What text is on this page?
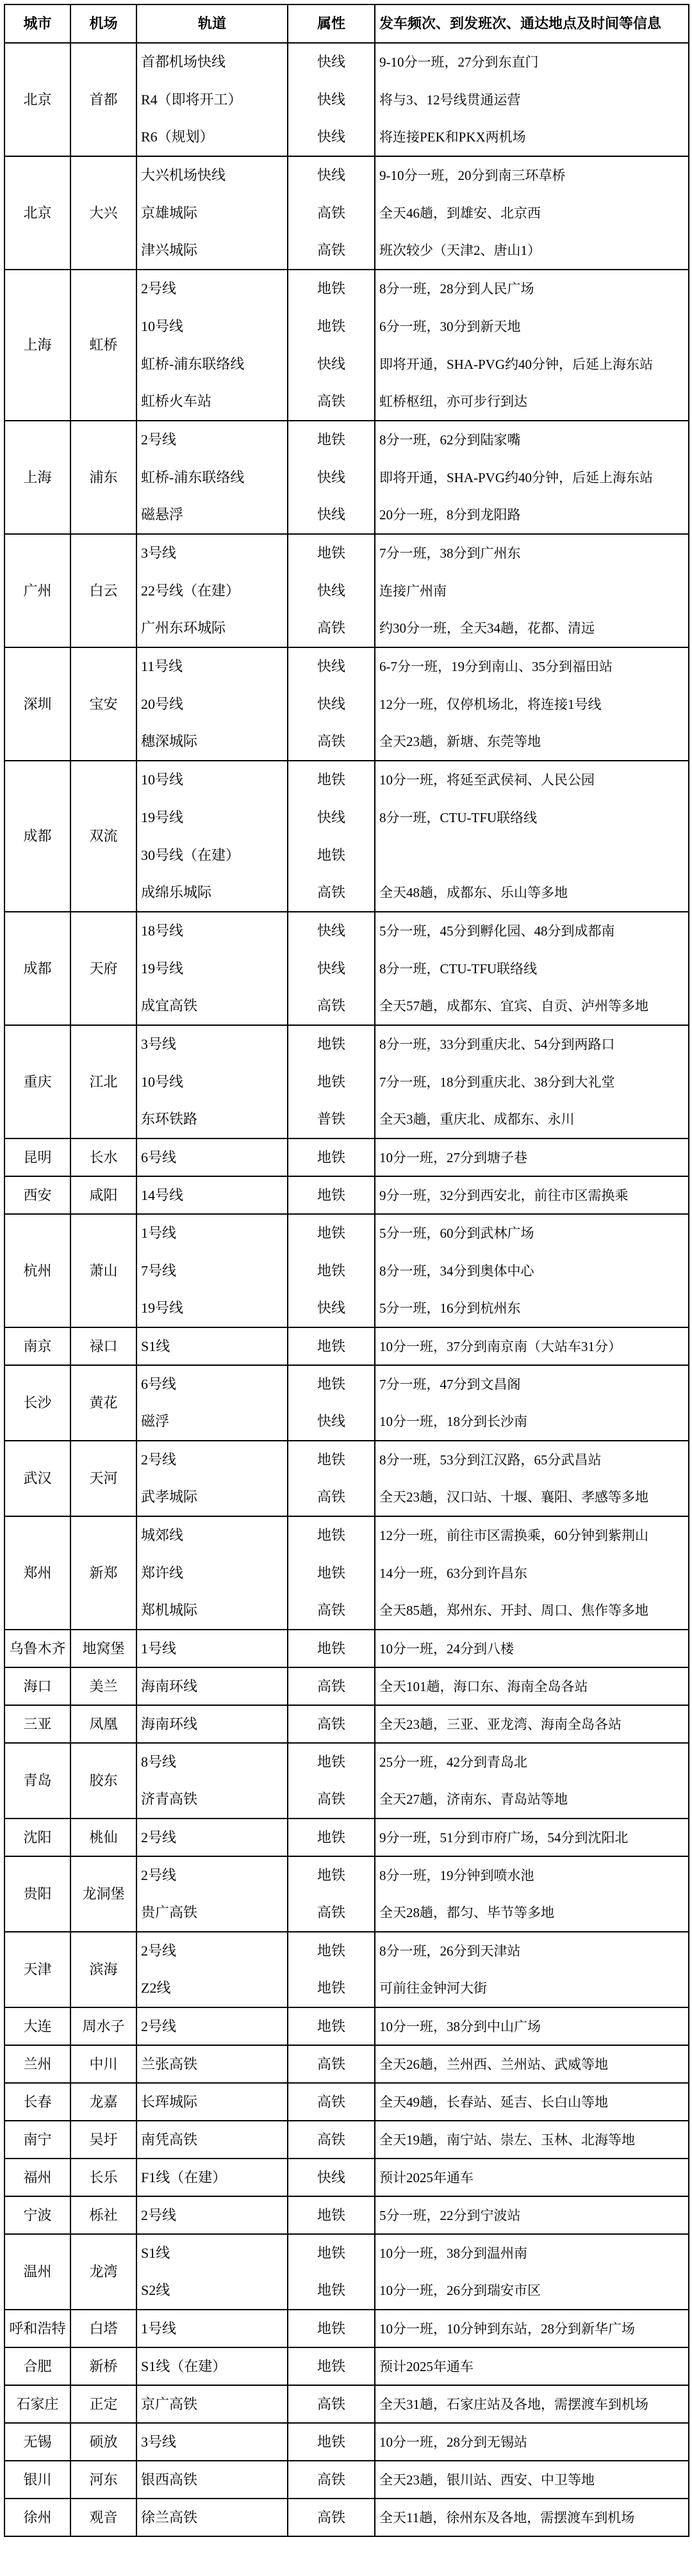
城市	机场	轨道	属性	发车频次、到发班次、通达地点及时间等信息
北京	首都	首都机场快线	快线	9-10分一班，27分到东直门
		R4（即将开工）	快线	将与3、12号线贯通运营
		R6（规划）	快线	将连接PEK和PKX两机场
北京	大兴	大兴机场快线	快线	9-10分一班，20分到南三环草桥
		京雄城际	高铁	全天46趟，到雄安、北京西
		津兴城际	高铁	班次较少（天津2、唐山1）
上海	虹桥	2号线	地铁	8分一班，28分到人民广场
		10号线	地铁	6分一班，30分到新天地
		虹桥-浦东联络线	快线	即将开通，SHA-PVG约40分钟，后延上海东站
		虹桥火车站	高铁	虹桥枢纽，亦可步行到达
上海	浦东	2号线	地铁	8分一班，62分到陆家嘴
		虹桥-浦东联络线	快线	即将开通，SHA-PVG约40分钟，后延上海东站
		磁悬浮	快线	20分一班，8分到龙阳路
广州	白云	3号线	地铁	7分一班，38分到广州东
		22号线（在建）	快线	连接广州南
		广州东环城际	高铁	约30分一班，全天34趟，花都、清远
深圳	宝安	11号线	快线	6-7分一班，19分到南山、35分到福田站
		20号线	快线	12分一班，仅停机场北，将连接1号线
		穗深城际	高铁	全天23趟，新塘、东莞等地
成都	双流	10号线	地铁	10分一班，将延至武侯祠、人民公园
		19号线	快线	8分一班，CTU-TFU联络线
		30号线（在建）	地铁	
		成绵乐城际	高铁	全天48趟，成都东、乐山等多地
成都	天府	18号线	快线	5分一班，45分到孵化园、48分到成都南
		19号线	快线	8分一班，CTU-TFU联络线
		成宜高铁	高铁	全天57趟，成都东、宜宾、自贡、泸州等多地
重庆	江北	3号线	地铁	8分一班，33分到重庆北、54分到两路口
		10号线	地铁	7分一班，18分到重庆北、38分到大礼堂
		东环铁路	普铁	全天3趟，重庆北、成都东、永川
昆明	长水	6号线	地铁	10分一班，27分到塘子巷
西安	咸阳	14号线	地铁	9分一班，32分到西安北，前往市区需换乘
杭州	萧山	1号线	地铁	5分一班，60分到武林广场
		7号线	地铁	8分一班，34分到奥体中心
		19号线	快线	5分一班，16分到杭州东
南京	禄口	S1线	地铁	10分一班，37分到南京南（大站车31分）
长沙	黄花	6号线	地铁	7分一班，47分到文昌阁
		磁浮	快线	10分一班，18分到长沙南
武汉	天河	2号线	地铁	8分一班，53分到江汉路，65分武昌站
		武孝城际	高铁	全天23趟，汉口站、十堰、襄阳、孝感等多地
郑州	新郑	城郊线	地铁	12分一班，前往市区需换乘，60分钟到紫荆山
		郑许线	地铁	14分一班，63分到许昌东
		郑机城际	高铁	全天85趟，郑州东、开封、周口、焦作等多地
乌鲁木齐	地窝堡	1号线	地铁	10分一班，24分到八楼
海口	美兰	海南环线	高铁	全天101趟，海口东、海南全岛各站
三亚	凤凰	海南环线	高铁	全天23趟，三亚、亚龙湾、海南全岛各站
青岛	胶东	8号线	地铁	25分一班，42分到青岛北
		济青高铁	高铁	全天27趟，济南东、青岛站等地
沈阳	桃仙	2号线	地铁	9分一班，51分到市府广场，54分到沈阳北
贵阳	龙洞堡	2号线	地铁	8分一班，19分钟到喷水池
		贵广高铁	高铁	全天28趟，都匀、毕节等多地
天津	滨海	2号线	地铁	8分一班，26分到天津站
		Z2线	地铁	可前往金钟河大街
大连	周水子	2号线	地铁	10分一班，38分到中山广场
兰州	中川	兰张高铁	高铁	全天26趟，兰州西、兰州站、武威等地
长春	龙嘉	长珲城际	高铁	全天49趟，长春站、延吉、长白山等地
南宁	吴圩	南凭高铁	高铁	全天19趟，南宁站、崇左、玉林、北海等地
福州	长乐	F1线（在建）	快线	预计2025年通车
宁波	栎社	2号线	地铁	5分一班，22分到宁波站
温州	龙湾	S1线	地铁	10分一班，38分到温州南
		S2线	地铁	10分一班，26分到瑞安市区
呼和浩特	白塔	1号线	地铁	10分一班，10分钟到东站，28分到新华广场
合肥	新桥	S1线（在建）	地铁	预计2025年通车
石家庄	正定	京广高铁	高铁	全天31趟，石家庄站及各地，需摆渡车到机场
无锡	硕放	3号线	地铁	10分一班，28分到无锡站
银川	河东	银西高铁	高铁	全天23趟，银川站、西安、中卫等地
徐州	观音	徐兰高铁	高铁	全天11趟，徐州东及各地，需摆渡车到机场
